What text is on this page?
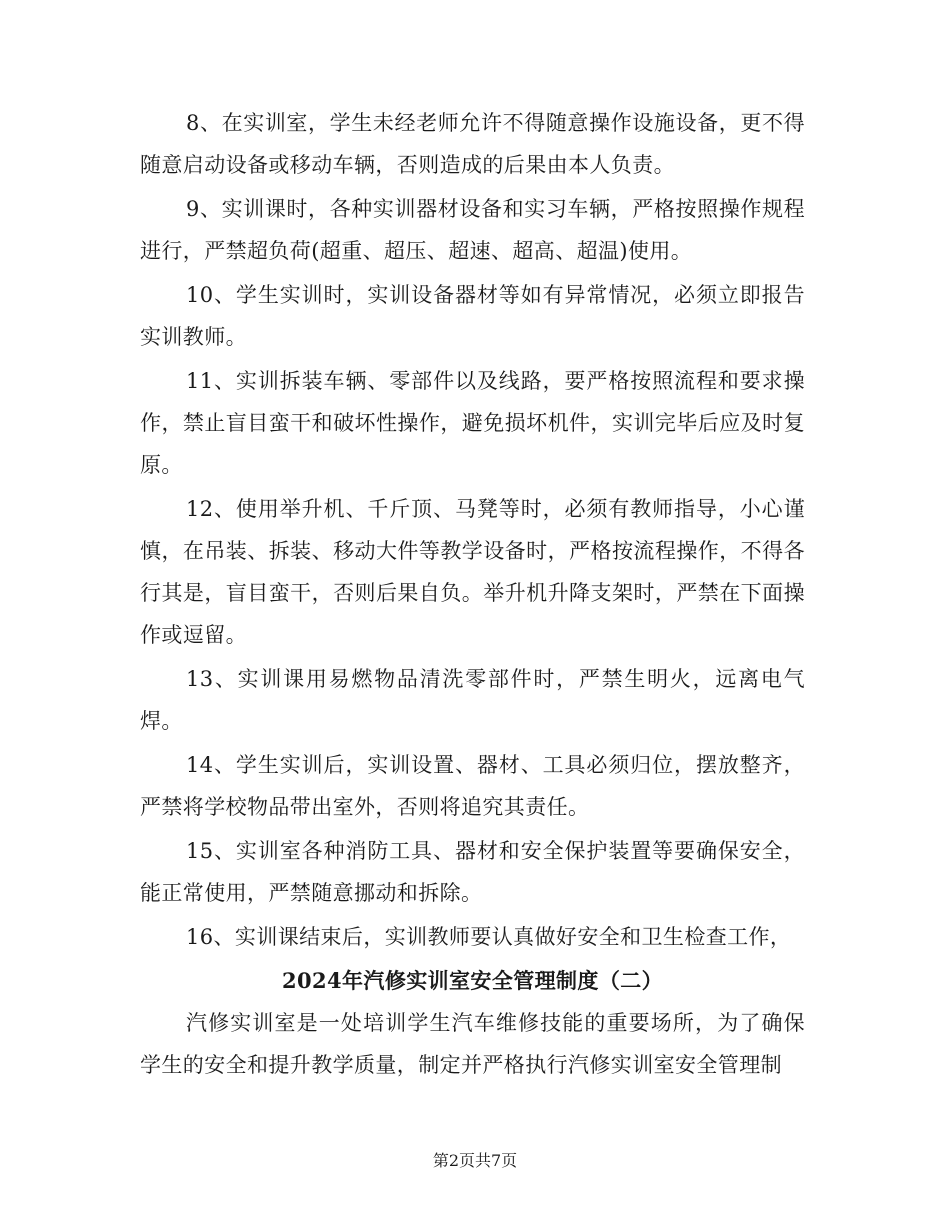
8、在实训室，学生未经老师允许不得随意操作设施设备，更不得随意启动设备或移动车辆，否则造成的后果由本人负责。

9、实训课时，各种实训器材设备和实习车辆，严格按照操作规程进行，严禁超负荷(超重、超压、超速、超高、超温)使用。

10、学生实训时，实训设备器材等如有异常情况，必须立即报告实训教师。

11、实训拆装车辆、零部件以及线路，要严格按照流程和要求操作，禁止盲目蛮干和破坏性操作，避免损坏机件，实训完毕后应及时复原。

12、使用举升机、千斤顶、马凳等时，必须有教师指导，小心谨慎，在吊装、拆装、移动大件等教学设备时，严格按流程操作，不得各行其是，盲目蛮干，否则后果自负。举升机升降支架时，严禁在下面操作或逗留。

13、实训课用易燃物品清洗零部件时，严禁生明火，远离电气焊。

14、学生实训后，实训设置、器材、工具必须归位，摆放整齐，严禁将学校物品带出室外，否则将追究其责任。

15、实训室各种消防工具、器材和安全保护装置等要确保安全，能正常使用，严禁随意挪动和拆除。

16、实训课结束后，实训教师要认真做好安全和卫生检查工作，

2024年汽修实训室安全管理制度（二）

汽修实训室是一处培训学生汽车维修技能的重要场所，为了确保学生的安全和提升教学质量，制定并严格执行汽修实训室安全管理制

第2页共7页
